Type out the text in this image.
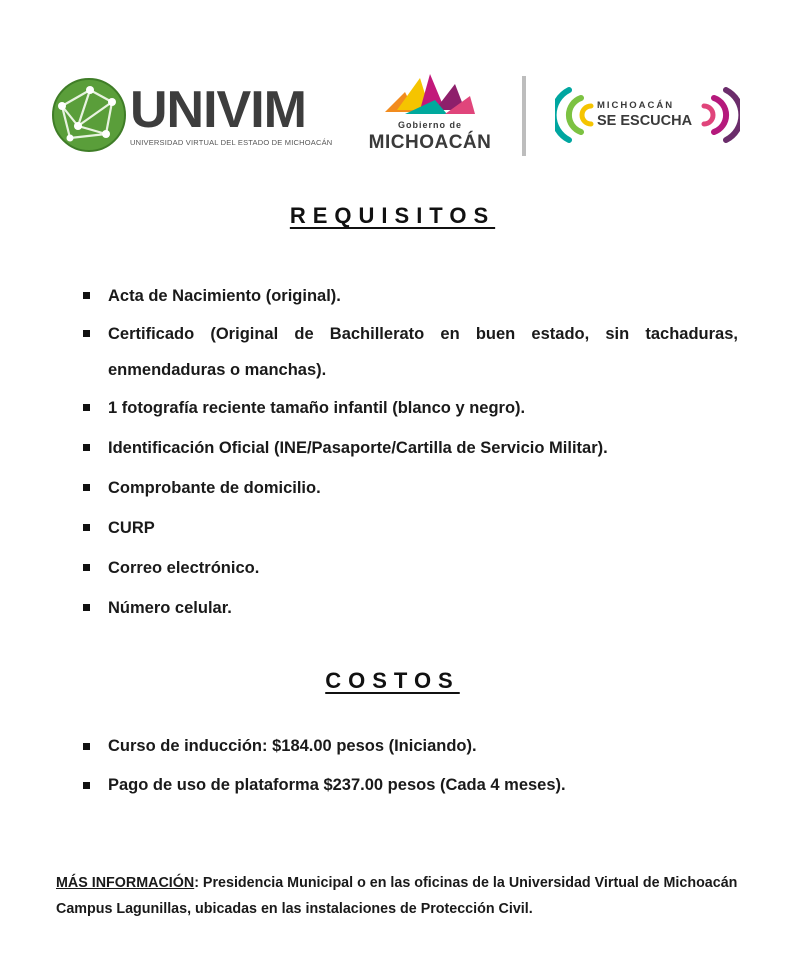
UNIVIM
UNIVERSIDAD VIRTUAL DEL ESTADO DE MICHOACÁN
Gobierno de
MICHOACÁN
MICHOACÁN
SE ESCUCHA
REQUISITOS
Acta de Nacimiento (original).
Certificado (Original de Bachillerato en buen estado, sin tachaduras, enmendaduras o manchas).
1 fotografía reciente tamaño infantil (blanco y negro).
Identificación Oficial (INE/Pasaporte/Cartilla de Servicio Militar).
Comprobante de domicilio.
CURP
Correo electrónico.
Número celular.
COSTOS
Curso de inducción: $184.00 pesos (Iniciando).
Pago de uso de plataforma $237.00 pesos (Cada 4 meses).
MÁS INFORMACIÓN: Presidencia Municipal o en las oficinas de la Universidad Virtual de Michoacán Campus Lagunillas, ubicadas en las instalaciones de Protección Civil.
